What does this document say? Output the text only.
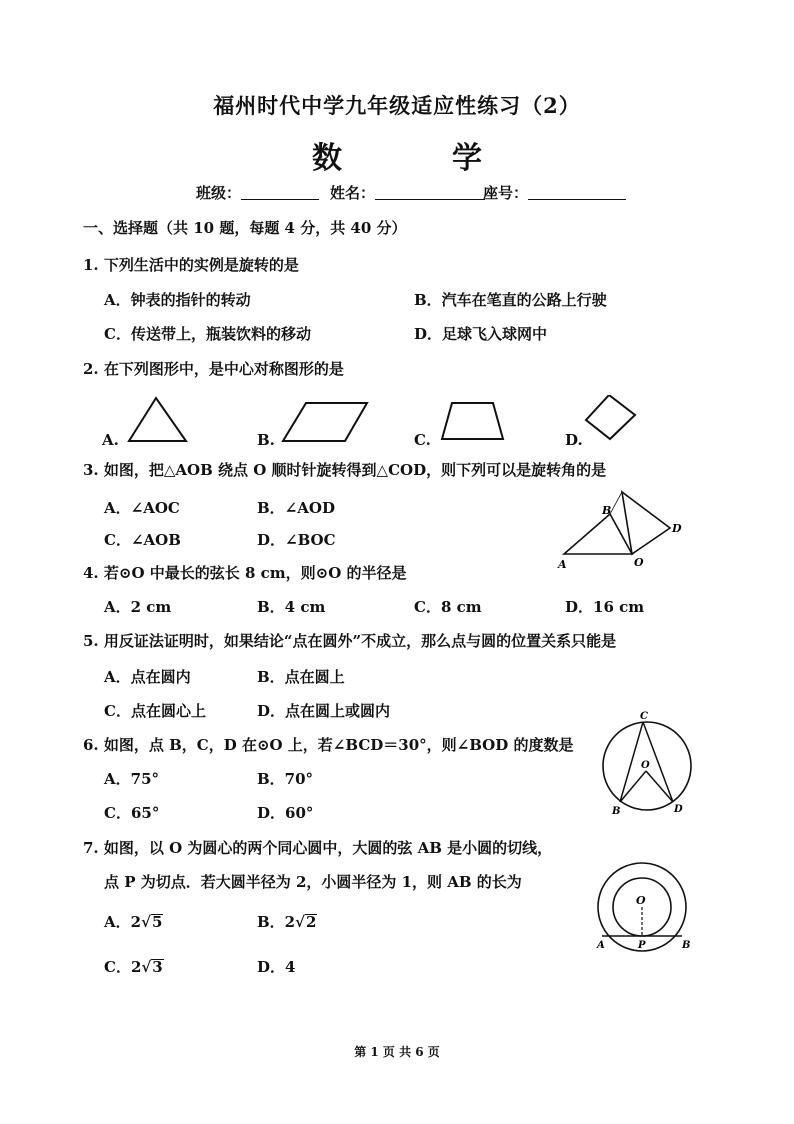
福州时代中学九年级适应性练习（2）
数　学
班级：	姓名：	座号：
一、选择题（共 10 题，每题 4 分，共 40 分）
1. 下列生活中的实例是旋转的是
A．钟表的指针的转动	B．汽车在笔直的公路上行驶
C．传送带上，瓶装饮料的移动	D．足球飞入球网中
2. 在下列图形中，是中心对称图形的是
A.	B.	C.	D.
3. 如图，把△AOB 绕点 O 顺时针旋转得到△COD，则下列可以是旋转角的是
A．∠AOC	B．∠AOD
C．∠AOB	D．∠BOC
A
B
O
D
4. 若⊙O 中最长的弦长 8 cm，则⊙O 的半径是
A．2 cm	B．4 cm	C．8 cm	D．16 cm
5. 用反证法证明时，如果结论“点在圆外”不成立，那么点与圆的位置关系只能是
A．点在圆内	B．点在圆上
C．点在圆心上	D．点在圆上或圆内
6. 如图，点 B，C，D 在⊙O 上，若∠BCD＝30°，则∠BOD 的度数是
A．75°	B．70°
C．65°	D．60°
C
O
B	D
7. 如图，以 O 为圆心的两个同心圆中，大圆的弦 AB 是小圆的切线，
点 P 为切点．若大圆半径为 2，小圆半径为 1，则 AB 的长为
A．2√5	B．2√2
C．2√3	D．4
O
A	P	B
第 1 页 共 6 页
